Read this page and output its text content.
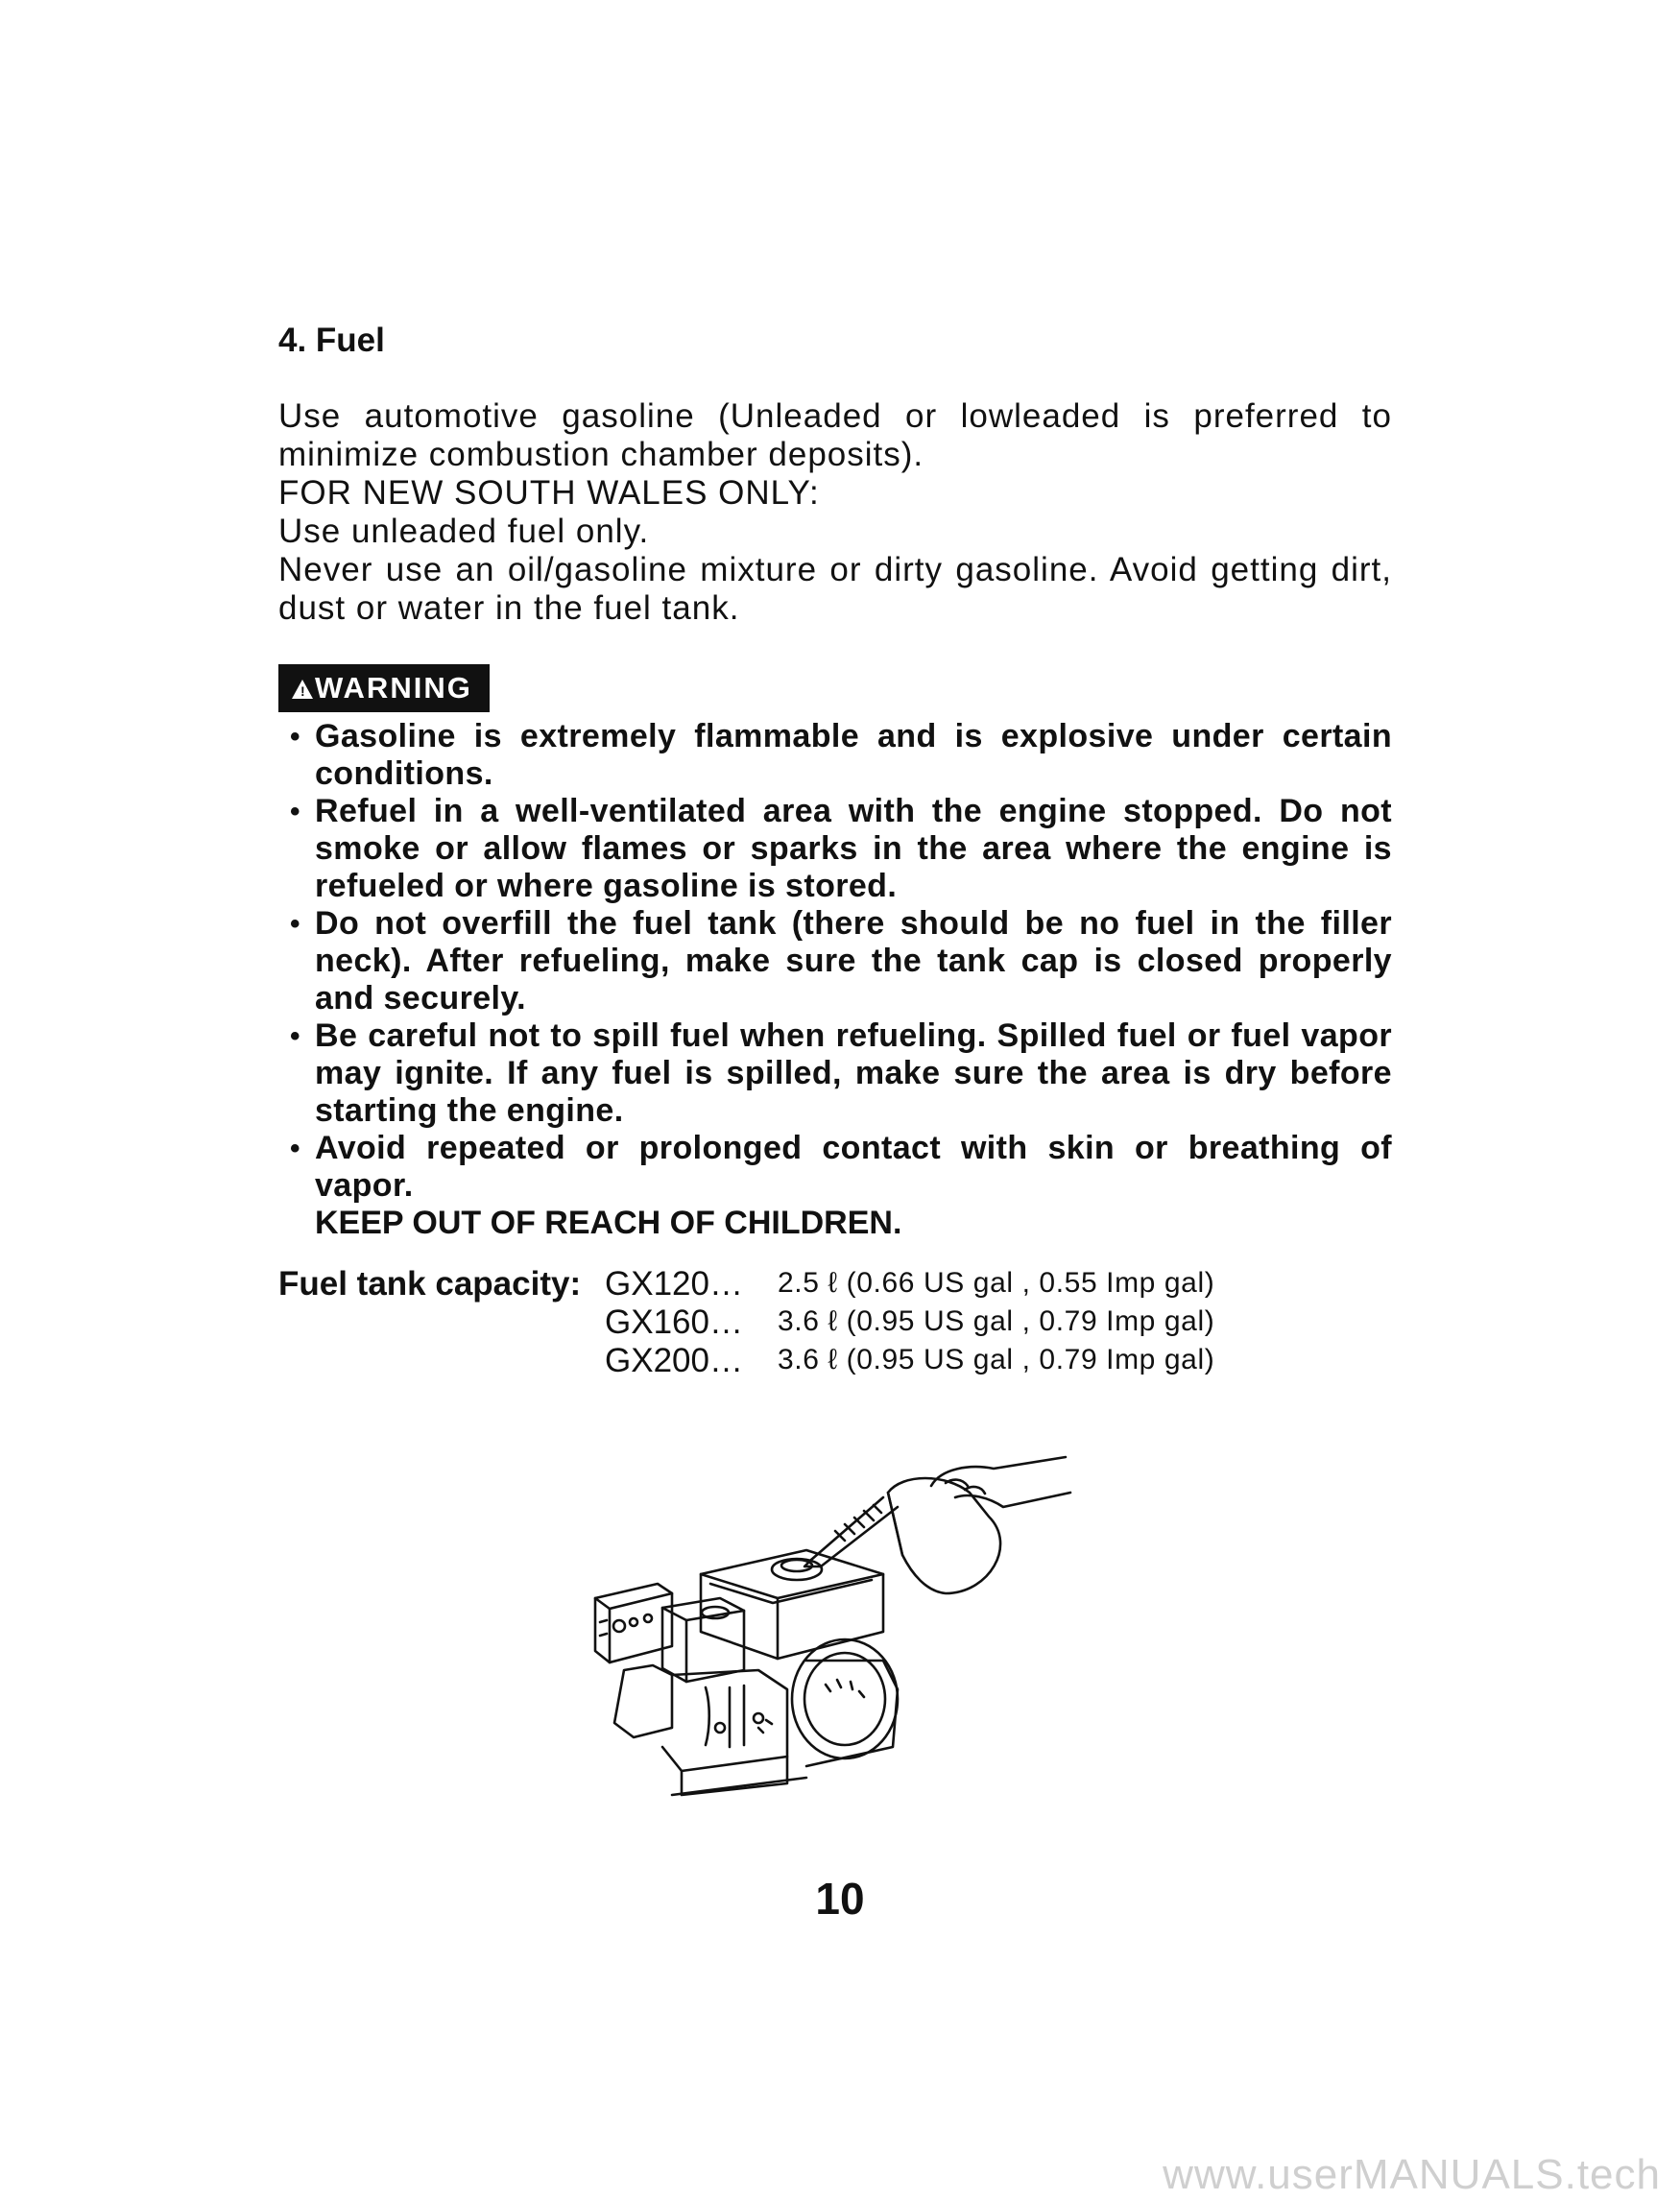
4. Fuel

Use automotive gasoline (Unleaded or lowleaded is preferred to minimize combustion chamber deposits).

FOR NEW SOUTH WALES ONLY:

Use unleaded fuel only.

Never use an oil/gasoline mixture or dirty gasoline. Avoid getting dirt, dust or water in the fuel tank.

! WARNING
• Gasoline is extremely flammable and is explosive under certain conditions.
• Refuel in a well-ventilated area with the engine stopped. Do not smoke or allow flames or sparks in the area where the engine is refueled or where gasoline is stored.
• Do not overfill the fuel tank (there should be no fuel in the filler neck). After refueling, make sure the tank cap is closed properly and securely.
• Be careful not to spill fuel when refueling. Spilled fuel or fuel vapor may ignite. If any fuel is spilled, make sure the area is dry before starting the engine.
• Avoid repeated or prolonged contact with skin or breathing of vapor.
KEEP OUT OF REACH OF CHILDREN.
Fuel tank capacity: GX120… 2.5 ℓ (0.66 US gal , 0.55 Imp gal)
GX160… 3.6 ℓ (0.95 US gal , 0.79 Imp gal)
GX200… 3.6 ℓ (0.95 US gal , 0.79 Imp gal)
10
www.userMANUALS.tech
